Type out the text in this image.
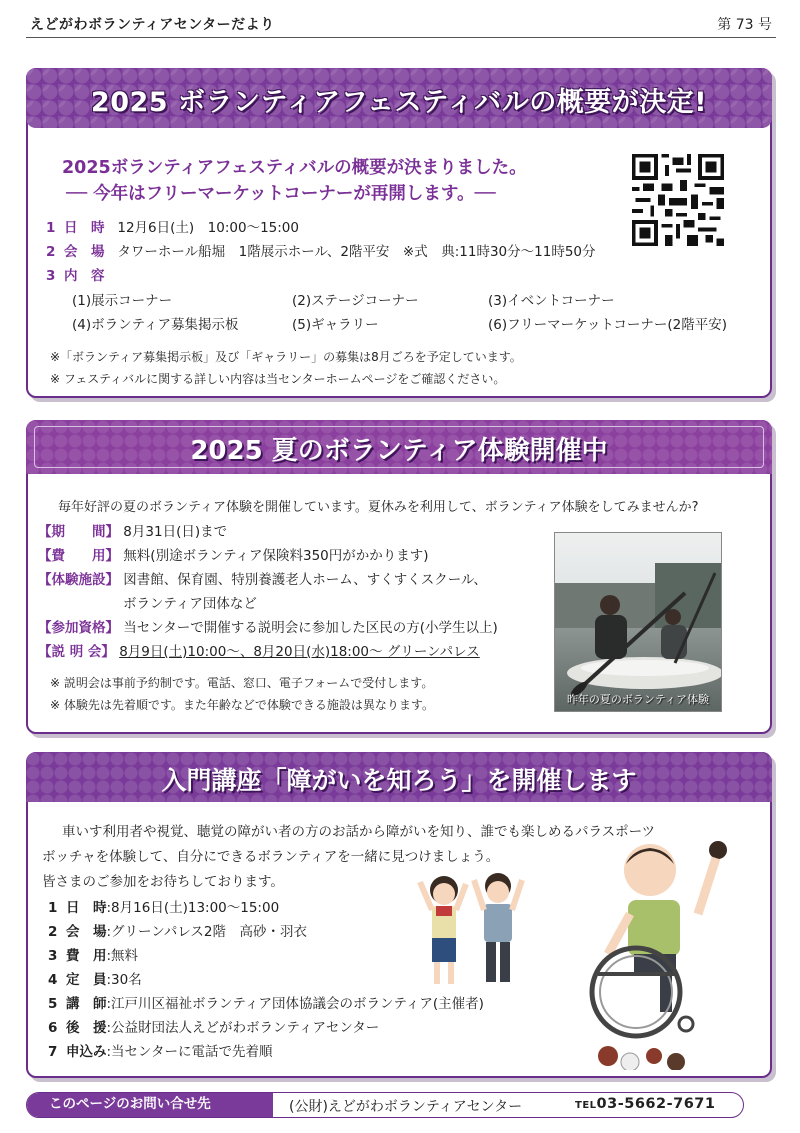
えどがわボランティアセンターだより	第 73 号
2025 ボランティアフェスティバルの概要が決定!
2025ボランティアフェスティバルの概要が決まりました。
── 今年はフリーマーケットコーナーが再開します。──
1 日　時 12月6日(土)　10:00～15:00
2 会　場 タワーホール船堀　1階展示ホール、2階平安　※式　典:11時30分～11時50分
3 内　容
(1)展示コーナー	(2)ステージコーナー	(3)イベントコーナー
(4)ボランティア募集掲示板	(5)ギャラリー	(6)フリーマーケットコーナー(2階平安)
※「ボランティア募集掲示板」及び「ギャラリー」の募集は8月ごろを予定しています。
※ フェスティバルに関する詳しい内容は当センターホームページをご確認ください。
2025 夏のボランティア体験開催中
毎年好評の夏のボランティア体験を開催しています。夏休みを利用して、ボランティア体験をしてみませんか?
【期　　間】 8月31日(日)まで
【費　　用】 無料(別途ボランティア保険料350円がかかります)
【体験施設】 図書館、保育園、特別養護老人ホーム、すくすくスクール、
ボランティア団体など
【参加資格】 当センターで開催する説明会に参加した区民の方(小学生以上)
【説 明 会】 8月9日(土)10:00～、8月20日(水)18:00～ グリーンパレス
※ 説明会は事前予約制です。電話、窓口、電子フォームで受付します。
※ 体験先は先着順です。また年齢などで体験できる施設は異なります。	昨年の夏のボランティア体験
入門講座「障がいを知ろう」を開催します
車いす利用者や視覚、聴覚の障がい者の方のお話から障がいを知り、誰でも楽しめるパラスポーツ
ボッチャを体験して、自分にできるボランティアを一緒に見つけましょう。
皆さまのご参加をお待ちしております。
1 日　時:8月16日(土)13:00～15:00
2 会　場:グリーンパレス2階　高砂・羽衣
3 費　用:無料
4 定　員:30名
5 講　師:江戸川区福祉ボランティア団体協議会のボランティア(主催者)
6 後　援:公益財団法人えどがわボランティアセンター
7 申込み:当センターに電話で先着順
このページのお問い合せ先	(公財)えどがわボランティアセンター	TEL03-5662-7671
